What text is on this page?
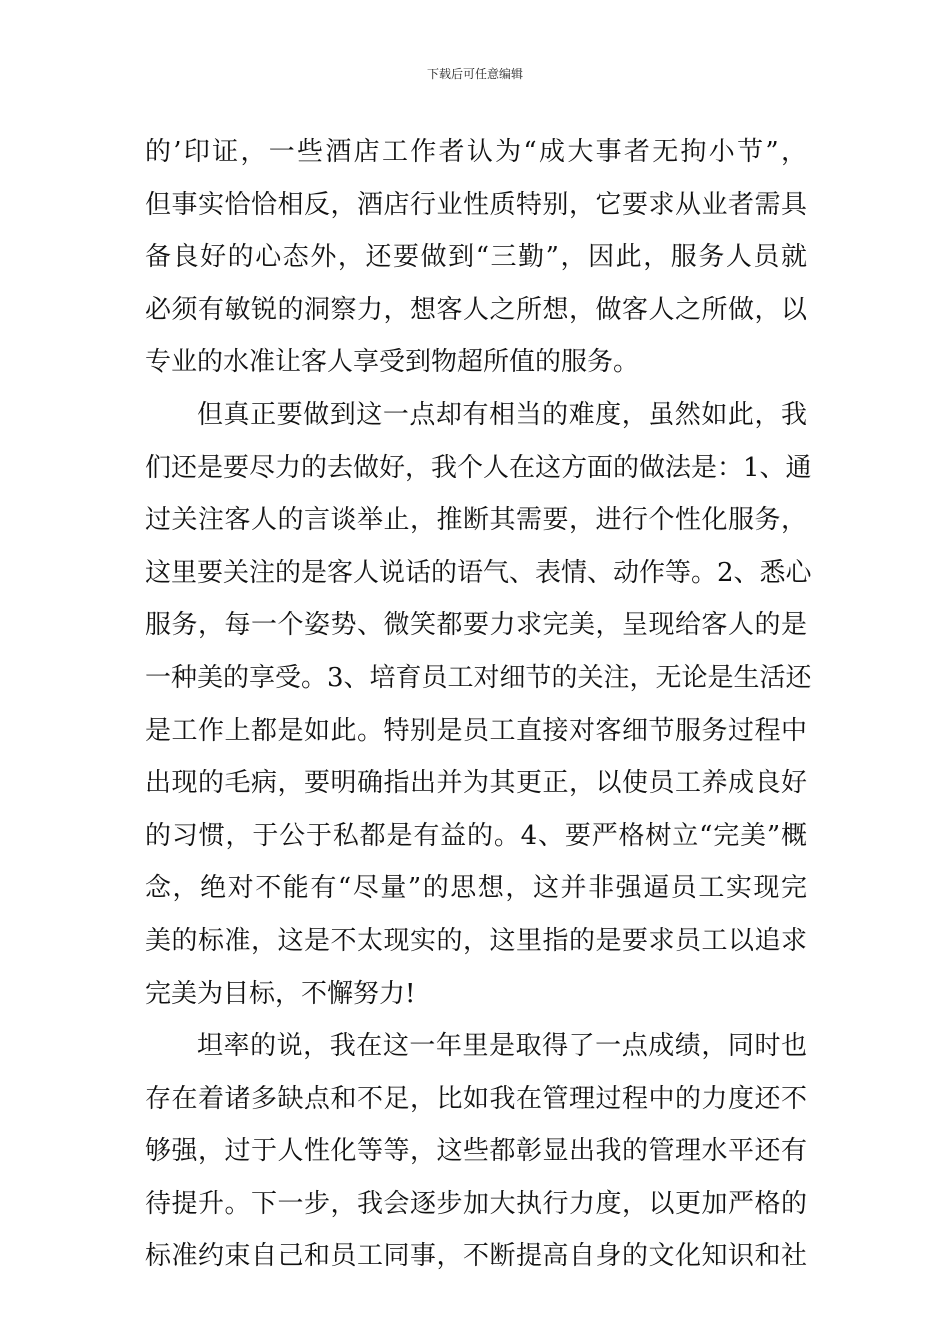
下载后可任意编辑
的’印证，一些酒店工作者认为“成大事者无拘小节”，
但事实恰恰相反，酒店行业性质特别，它要求从业者需具
备良好的心态外，还要做到“三勤”，因此，服务人员就
必须有敏锐的洞察力，想客人之所想，做客人之所做，以
专业的水准让客人享受到物超所值的服务。
但真正要做到这一点却有相当的难度，虽然如此，我
们还是要尽力的去做好，我个人在这方面的做法是：1、通
过关注客人的言谈举止，推断其需要，进行个性化服务，
这里要关注的是客人说话的语气、表情、动作等。2、悉心
服务，每一个姿势、微笑都要力求完美，呈现给客人的是
一种美的享受。3、培育员工对细节的关注，无论是生活还
是工作上都是如此。特别是员工直接对客细节服务过程中
出现的毛病，要明确指出并为其更正，以使员工养成良好
的习惯，于公于私都是有益的。4、要严格树立“完美”概
念，绝对不能有“尽量”的思想，这并非强逼员工实现完
美的标准，这是不太现实的，这里指的是要求员工以追求
完美为目标，不懈努力!
坦率的说，我在这一年里是取得了一点成绩，同时也
存在着诸多缺点和不足，比如我在管理过程中的力度还不
够强，过于人性化等等，这些都彰显出我的管理水平还有
待提升。下一步，我会逐步加大执行力度，以更加严格的
标准约束自己和员工同事，不断提高自身的文化知识和社
